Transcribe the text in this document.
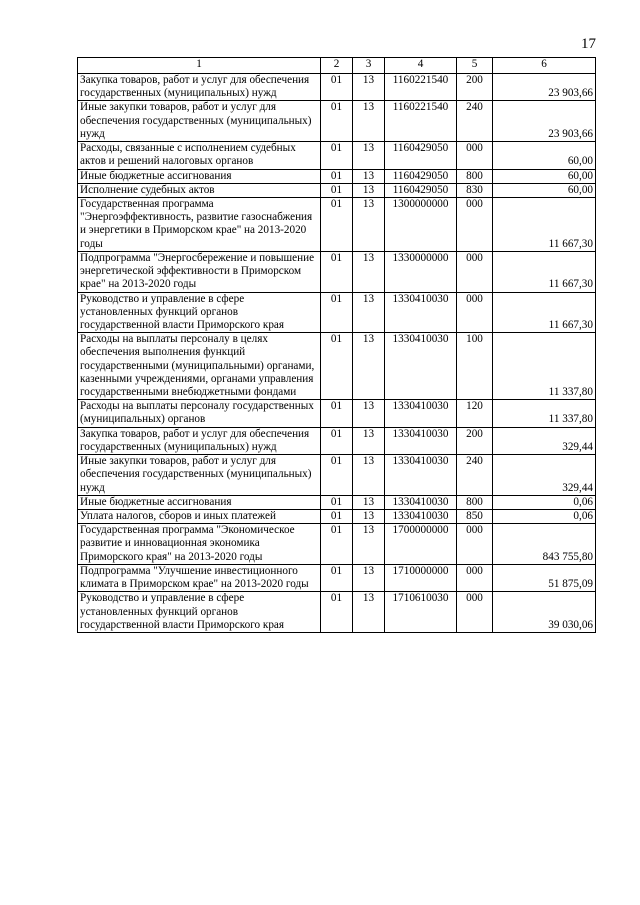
17
1	2	3	4	5	6
Закупка товаров, работ и услуг для обеспечения государственных (муниципальных) нужд	01	13	1160221540	200	23 903,66
Иные закупки товаров, работ и услуг для обеспечения государственных (муниципальных) нужд	01	13	1160221540	240	23 903,66
Расходы, связанные с исполнением судебных актов и решений налоговых органов	01	13	1160429050	000	60,00
Иные бюджетные ассигнования	01	13	1160429050	800	60,00
Исполнение судебных актов	01	13	1160429050	830	60,00
Государственная программа "Энергоэффективность, развитие газоснабжения и энергетики в Приморском крае" на 2013-2020 годы	01	13	1300000000	000	11 667,30
Подпрограмма "Энергосбережение и повышение энергетической эффективности в Приморском крае" на 2013-2020 годы	01	13	1330000000	000	11 667,30
Руководство и управление в сфере установленных функций органов государственной власти Приморского края	01	13	1330410030	000	11 667,30
Расходы на выплаты персоналу в целях обеспечения выполнения функций государственными (муниципальными) органами, казенными учреждениями, органами управления государственными внебюджетными фондами	01	13	1330410030	100	11 337,80
Расходы на выплаты персоналу государственных (муниципальных) органов	01	13	1330410030	120	11 337,80
Закупка товаров, работ и услуг для обеспечения государственных (муниципальных) нужд	01	13	1330410030	200	329,44
Иные закупки товаров, работ и услуг для обеспечения государственных (муниципальных) нужд	01	13	1330410030	240	329,44
Иные бюджетные ассигнования	01	13	1330410030	800	0,06
Уплата налогов, сборов и иных платежей	01	13	1330410030	850	0,06
Государственная программа "Экономическое развитие и инновационная экономика Приморского края" на 2013-2020 годы	01	13	1700000000	000	843 755,80
Подпрограмма "Улучшение инвестиционного климата в Приморском крае" на 2013-2020 годы	01	13	1710000000	000	51 875,09
Руководство и управление в сфере установленных функций органов государственной власти Приморского края	01	13	1710610030	000	39 030,06
